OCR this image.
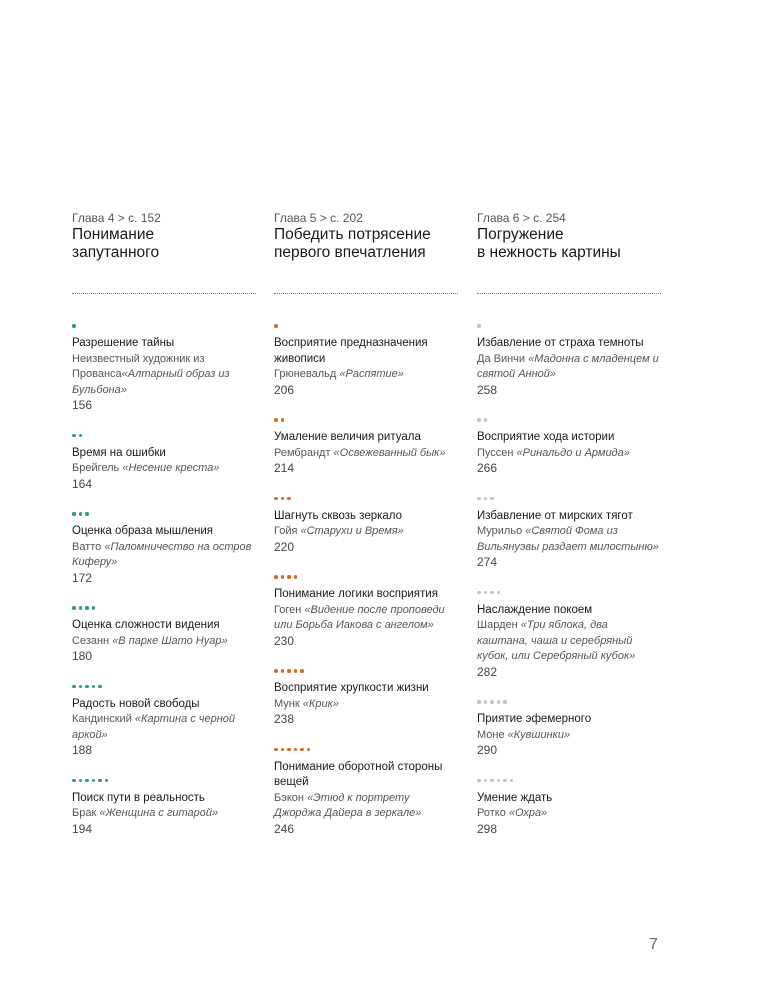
Глава 4 > с. 152
Понимание
запутанного
Разрешение тайны
Неизвестный художник из Прованса«Алтарный образ из Бульбона»
156
Время на ошибки
Брейгель «Несение креста»
164
Оценка образа мышления
Ватто «Паломничество на остров Киферу»
172
Оценка сложности видения
Сезанн «В парке Шато Нуар»
180
Радость новой свободы
Кандинский «Картина с черной аркой»
188
Поиск пути в реальность
Брак «Женщина с гитарой»
194
Глава 5 > с. 202
Победить потрясение
первого впечатления
Восприятие предназначения живописи
Грюневальд «Распятие»
206
Умаление величия ритуала
Рембрандт «Освежеванный бык»
214
Шагнуть сквозь зеркало
Гойя «Старухи и Время»
220
Понимание логики восприятия
Гоген «Видение после проповеди или Борьба Иакова с ангелом»
230
Восприятие хрупкости жизни
Мунк «Крик»
238
Понимание оборотной стороны вещей
Бэкон «Этюд к портрету Джорджа Дайера в зеркале»
246
Глава 6 > с. 254
Погружение
в нежность картины
Избавление от страха темноты
Да Винчи «Мадонна с младенцем и святой Анной»
258
Восприятие хода истории
Пуссен «Ринальдо и Армида»
266
Избавление от мирских тягот
Мурильо «Святой Фома из Вильянуэвы раздает милостыню»
274
Наслаждение покоем
Шарден «Три яблока, два каштана, чаша и серебряный кубок, или Серебряный кубок»
282
Приятие эфемерного
Моне «Кувшинки»
290
Умение ждать
Ротко «Охра»
298
7
